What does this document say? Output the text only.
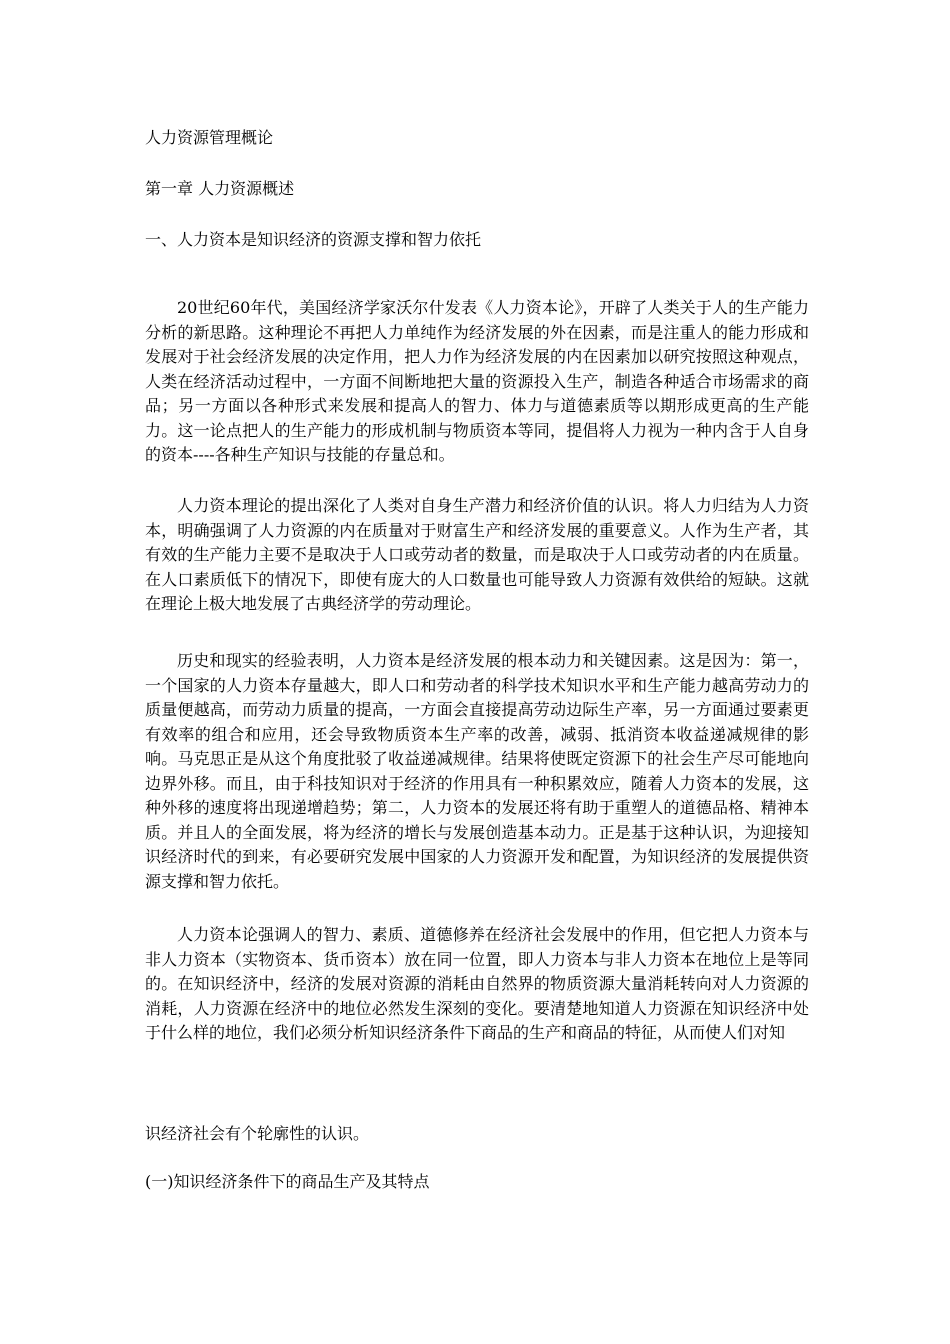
人力资源管理概论
第一章 人力资源概述
一、人力资本是知识经济的资源支撑和智力依托

20世纪60年代，美国经济学家沃尔什发表《人力资本论》，开辟了人类关于人的生产能力分析的新思路。这种理论不再把人力单纯作为经济发展的外在因素，而是注重人的能力形成和发展对于社会经济发展的决定作用，把人力作为经济发展的内在因素加以研究按照这种观点，人类在经济活动过程中，一方面不间断地把大量的资源投入生产，制造各种适合市场需求的商品；另一方面以各种形式来发展和提高人的智力、体力与道德素质等以期形成更高的生产能力。这一论点把人的生产能力的形成机制与物质资本等同，提倡将人力视为一种内含于人自身的资本----各种生产知识与技能的存量总和。

人力资本理论的提出深化了人类对自身生产潜力和经济价值的认识。将人力归结为人力资本，明确强调了人力资源的内在质量对于财富生产和经济发展的重要意义。人作为生产者，其有效的生产能力主要不是取决于人口或劳动者的数量，而是取决于人口或劳动者的内在质量。在人口素质低下的情况下，即使有庞大的人口数量也可能导致人力资源有效供给的短缺。这就在理论上极大地发展了古典经济学的劳动理论。

历史和现实的经验表明，人力资本是经济发展的根本动力和关键因素。这是因为：第一，一个国家的人力资本存量越大，即人口和劳动者的科学技术知识水平和生产能力越高劳动力的质量便越高，而劳动力质量的提高，一方面会直接提高劳动边际生产率，另一方面通过要素更有效率的组合和应用，还会导致物质资本生产率的改善，减弱、抵消资本收益递减规律的影响。马克思正是从这个角度批驳了收益递减规律。结果将使既定资源下的社会生产尽可能地向边界外移。而且，由于科技知识对于经济的作用具有一种积累效应，随着人力资本的发展，这种外移的速度将出现递增趋势；第二，人力资本的发展还将有助于重塑人的道德品格、精神本质。并且人的全面发展，将为经济的增长与发展创造基本动力。正是基于这种认识，为迎接知识经济时代的到来，有必要研究发展中国家的人力资源开发和配置，为知识经济的发展提供资源支撑和智力依托。

人力资本论强调人的智力、素质、道德修养在经济社会发展中的作用，但它把人力资本与非人力资本（实物资本、货币资本）放在同一位置，即人力资本与非人力资本在地位上是等同的。在知识经济中，经济的发展对资源的消耗由自然界的物质资源大量消耗转向对人力资源的消耗，人力资源在经济中的地位必然发生深刻的变化。要清楚地知道人力资源在知识经济中处于什么样的地位，我们必须分析知识经济条件下商品的生产和商品的特征，从而使人们对知

识经济社会有个轮廓性的认识。

(一)知识经济条件下的商品生产及其特点
